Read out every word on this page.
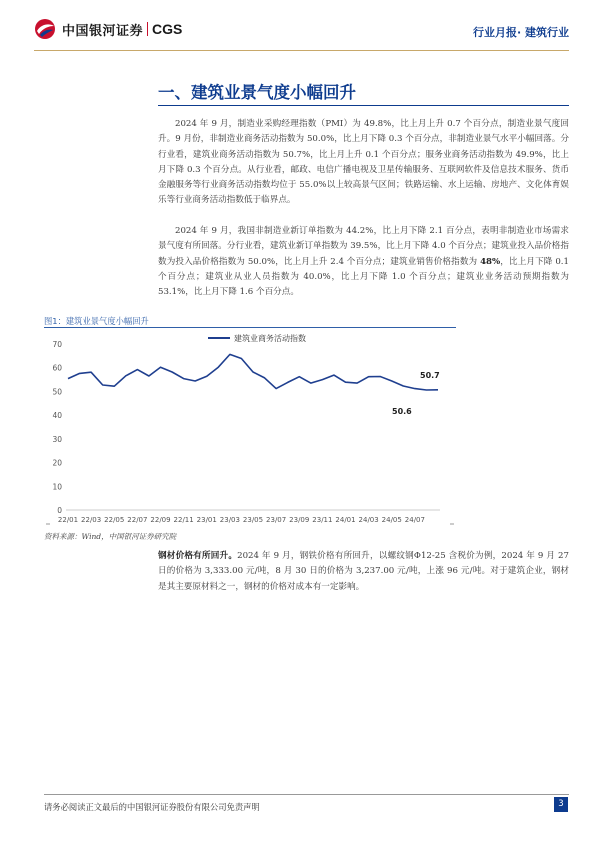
中国银河证券 CGS	行业月报· 建筑行业
一、建筑业景气度小幅回升

2024 年 9 月，制造业采购经理指数（PMI）为 49.8%，比上月上升 0.7 个百分点，制造业景气度回升。9 月份，非制造业商务活动指数为 50.0%，比上月下降 0.3 个百分点，非制造业景气水平小幅回落。分行业看，建筑业商务活动指数为 50.7%，比上月上升 0.1 个百分点；服务业商务活动指数为 49.9%，比上月下降 0.3 个百分点。从行业看，邮政、电信广播电视及卫星传输服务、互联网软件及信息技术服务、货币金融服务等行业商务活动指数均位于 55.0%以上较高景气区间；铁路运输、水上运输、房地产、文化体育娱乐等行业商务活动指数低于临界点。

2024 年 9 月，我国非制造业新订单指数为 44.2%，比上月下降 2.1 百分点，表明非制造业市场需求景气度有所回落。分行业看，建筑业新订单指数为 39.5%，比上月下降 4.0 个百分点；建筑业投入品价格指数为投入品价格指数为 50.0%，比上月上升 2.4 个百分点；建筑业销售价格指数为 48%，比上月下降 0.1 个百分点；建筑业从业人员指数为 40.0%，比上月下降 1.0 个百分点；建筑业业务活动预期指数为 53.1%，比上月下降 1.6 个百分点。

图1：建筑业景气度小幅回升
0
10
20
30
40
50
60
70
22/01 22/03 22/05 22/07 22/09 22/11 23/01 23/03 23/05 23/07 23/09 23/11 24/01 24/03 24/05 24/07
建筑业商务活动指数
50.7
50.6
资料来源：Wind，中国银河证券研究院

钢材价格有所回升。2024 年 9 月，钢铁价格有所回升，以螺纹钢Φ12-25 含税价为例，2024 年 9 月 27 日的价格为 3,333.00 元/吨，8 月 30 日的价格为 3,237.00 元/吨，上涨 96 元/吨。对于建筑企业，钢材是其主要原材料之一，钢材的价格对成本有一定影响。

请务必阅读正文最后的中国银河证券股份有限公司免责声明	3
